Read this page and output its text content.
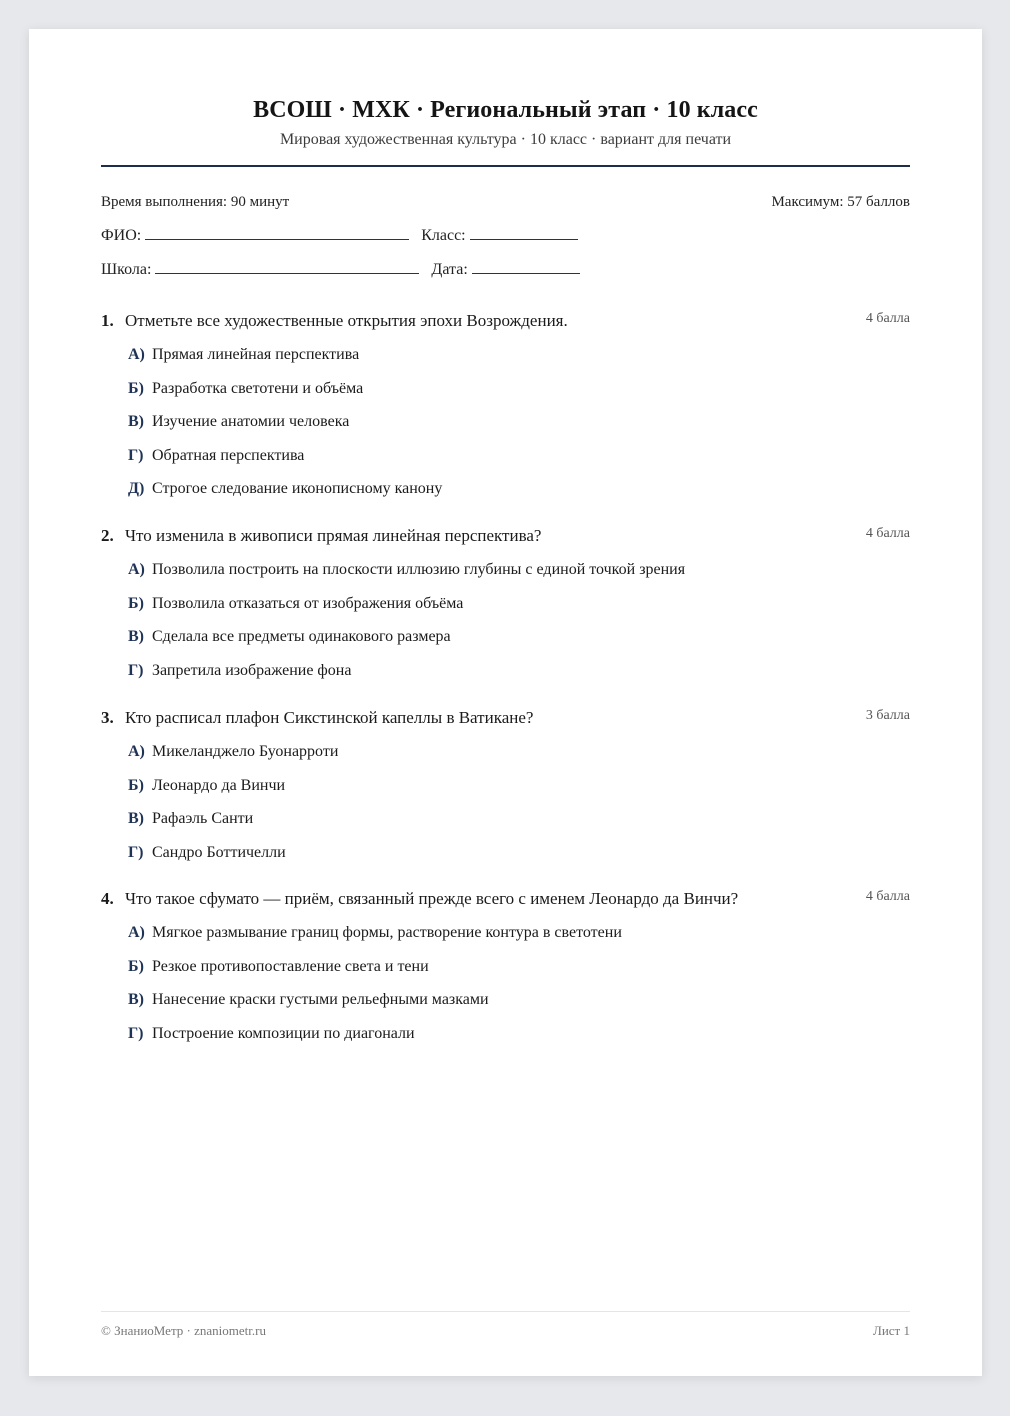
ВСОШ · МХК · Региональный этап · 10 класс
Мировая художественная культура · 10 класс · вариант для печати
Время выполнения: 90 минут	Максимум: 57 баллов
ФИО:	Класс:
Школа:	Дата:
1. Отметьте все художественные открытия эпохи Возрождения.	4 балла
А) Прямая линейная перспектива
Б) Разработка светотени и объёма
В) Изучение анатомии человека
Г) Обратная перспектива
Д) Строгое следование иконописному канону
2. Что изменила в живописи прямая линейная перспектива?	4 балла
А) Позволила построить на плоскости иллюзию глубины с единой точкой зрения
Б) Позволила отказаться от изображения объёма
В) Сделала все предметы одинакового размера
Г) Запретила изображение фона
3. Кто расписал плафон Сикстинской капеллы в Ватикане?	3 балла
А) Микеланджело Буонарроти
Б) Леонардо да Винчи
В) Рафаэль Санти
Г) Сандро Боттичелли
4. Что такое сфумато — приём, связанный прежде всего с именем Леонардо да Винчи?	4 балла
А) Мягкое размывание границ формы, растворение контура в светотени
Б) Резкое противопоставление света и тени
В) Нанесение краски густыми рельефными мазками
Г) Построение композиции по диагонали
© ЗнаниоМетр · znaniometr.ru	Лист 1
